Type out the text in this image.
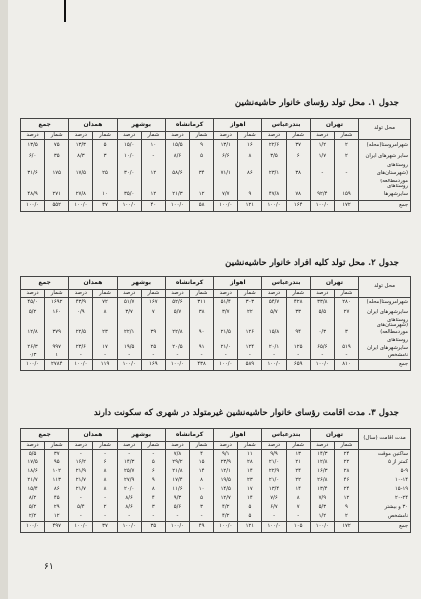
جدول ۱. محل تولد رؤسای خانوار حاشیه‌نشین
محل تولد	تهران		بندرعباس		اهواز		کرمانشاه		بوشهر		همدان		جمع	
	شمار	درصد	شمار	درصد	شمار	درصد	شمار	درصد	شمار	درصد	شمار	درصد	شمار	درصد
شهرامروستا(محله)	۲	۱/۲	۳۷	۲۲/۶	۱۶	۱۳/۱	۹	۱۵/۵	۱۰	۱۵/۰	۵	۱۳/۳	۷۵	۱۳/۵
سایر شهرهای ایران	۲	۱/۷	۶	۳/۵	۸	۶/۶	۵	۸/۶	-	۱۰/۰	۳	۸/۳	۳۵	۶/۰
روستاهای														
(شهرستان‌های	-	-	۳۸	۲۳/۱	۸۶	۷۱/۱	۳۴	۵۸/۶	۱۲	۳۰/۰	۲۵	۱۷/۵	۱۷۵	۳۱/۶
موردمطالعه)														
روستاهای														
سایرشهرها	۱۵۹	۹۲/۴	۷۸	۴۷/۸	۹	۷/۷	۱۲	۲۱/۳	۱۲	۳۵/۰	۱۰	۲۷/۸	۲۷۱	۴۸/۹
جمع	۱۷۲	۱۰۰/۰	۱۶۴	۱۰۰/۰	۱۲۱	۱۰۰/۰	۵۸	۱۰۰/۰	۴۰	۱۰۰/۰	۳۷	۱۰۰/۰	۵۵۲	۱۰۰/۰
جدول ۲. محل تولد کلیه افراد خانوار حاشیه‌نشین
محل تولد	تهران		بندرعباس		اهواز		کرمانشاه		بوشهر		همدان		جمع	
	شمار	درصد	شمار	درصد	شمار	درصد	شمار	درصد	شمار	درصد	شمار	درصد	شمار	درصد
شهرامروستا(محله)	۲۸۰	۳۳/۸	۴۲۸	۵۴/۷	۳۰۳	۵۱/۴	۳۱۱	۵۲/۶	۱۶۷	۵۱/۷	۷۲	۴۳/۹	۱۶۹۲	۴۵/۰
سایرشهرهای ایران	۲۷	۵/۵	۳۳	۵/۷	۲۲	۳/۷	۳۸	۵/۷	۷	۳/۷	۸	۰/۹	۱۶۰	۵/۲
روستاهای														
(شهرستان‌های														
موردمطالعه)	۳	۰/۳	۹۴	۱۵/۸	۱۲۶	۲۱/۵	۹۰	۲۲/۸	۳۹	۲۲/۱	۲۳	۲۲/۵	۳۷۹	۱۲/۸
روستاهای														
سایرشهرهای ایران	۵۱۹	۶۵/۶	۱۲۵	۲۰/۱	۱۲۴	۲۱/۰	۹۱	۲۰/۵	۲۵	۱۹/۵	۱۷	۲۳/۶	۹۹۷	۲۶/۳
نامشخص	-	-	-	-	-	-	-	-	-	-	-	-	۱	۰/۳
جمع	۸۱۰	۱۰۰/۰	۶۵۹	۱۰۰/۰	۵۸۹	۱۰۰/۰	۴۳۸	۱۰۰/۰	۱۶۹	۱۰۰/۰	۱۱۹	۱۰۰/۰	۲۷۸۴	۱۰۰/۰
جدول ۳. مدت اقامت رؤسای خانوار حاشیه‌نشین غیرمتولد در شهری که سکونت دارند
مدت اقامت (سال)	تهران		بندرعباس		اهواز		کرمانشاه		بوشهر		همدان		جمع	
	شمار	درصد	شمار	درصد	شمار	درصد	شمار	درصد	شمار	درصد	شمار	درصد	شمار	درصد
ساکنین موقت	۲۴	۱۴/۳	۱۳	۹/۹	۱۱	۹/۱	۴	۷/۸	-	-	-	-	۳۷	۵/۵
کمتر از ۵	۲۲	۱۲/۸	۲۱	۲۱/۰	۲۸	۲۳/۹	۱۵	۲۹/۲	۵	۱۴/۳	۶	۱۶/۲	۹۵	۱۷/۵
۵-۹	۲۸	۱۶/۳	۲۴	۲۲/۹	۱۴	۱۲/۱	۱۴	۲۱/۸	۶	۲۵/۷	۸	۲۱/۹	۱۰۲	۱۸/۶
۱۰-۱۴	۴۶	۲۶/۸	۲۲	۲۱/۰	۲۳	۱۹/۵	۸	۱۷/۴	۹	۲۷/۹	۸	۲۱/۷	۱۱۳	۲۱/۷
۱۵-۱۹	۲۴	۱۳/۴	۱۴	۱۳/۴	۱۷	۱۴/۵	۱۰	۱۱/۶	۸	۲۰/۰	۸	۲۱/۷	۸۶	۱۵/۴
۲۰-۲۴	۱۲	۷/۹	۸	۷/۶	۱۴	۱۲/۷	۵	۹/۳	۴	۸/۶	-	-	۴۵	۸/۲
۳۰ و بیشتر	۹	۵/۳	۷	۶/۷	۵	۴/۲	۳	۵/۶	۳	۸/۶	۲	۵/۴	۲۹	۵/۲
نامشخص	۲	۱/۲	-	-	۵	۴/۲	-	-	-	-	-	-	۱۲	۲/۲
جمع	۱۷۲	۱۰۰/۰	۱۰۵	۱۰۰/۰	۱۲۱	۱۰۰/۰	۴۹	۱۰۰/۰	۳۵	۱۰۰/۰	۳۷	۱۰۰/۰	۴۹۷	۱۰۰/۰
۶۱
